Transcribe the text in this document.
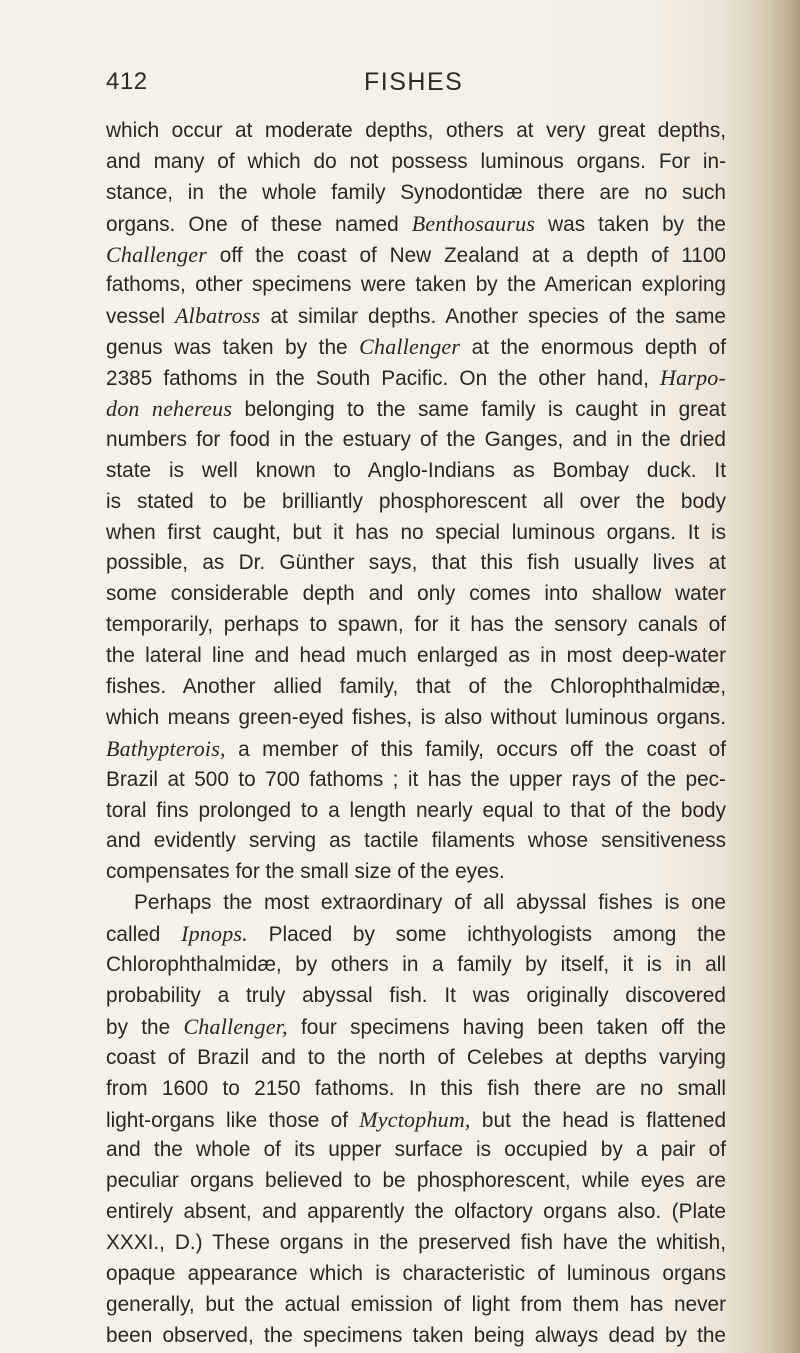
412	FISHES
which occur at moderate depths, others at very great depths,
and many of which do not possess luminous organs. For in-
stance, in the whole family Synodontidæ there are no such
organs. One of these named Benthosaurus was taken by the
Challenger off the coast of New Zealand at a depth of 1100
fathoms, other specimens were taken by the American exploring
vessel Albatross at similar depths. Another species of the same
genus was taken by the Challenger at the enormous depth of
2385 fathoms in the South Pacific. On the other hand, Harpo-
don nehereus belonging to the same family is caught in great
numbers for food in the estuary of the Ganges, and in the dried
state is well known to Anglo-Indians as Bombay duck. It
is stated to be brilliantly phosphorescent all over the body
when first caught, but it has no special luminous organs. It is
possible, as Dr. Günther says, that this fish usually lives at
some considerable depth and only comes into shallow water
temporarily, perhaps to spawn, for it has the sensory canals of
the lateral line and head much enlarged as in most deep-water
fishes. Another allied family, that of the Chlorophthalmidæ,
which means green-eyed fishes, is also without luminous organs.
Bathypterois, a member of this family, occurs off the coast of
Brazil at 500 to 700 fathoms ; it has the upper rays of the pec-
toral fins prolonged to a length nearly equal to that of the body
and evidently serving as tactile filaments whose sensitiveness
compensates for the small size of the eyes.
Perhaps the most extraordinary of all abyssal fishes is one
called Ipnops. Placed by some ichthyologists among the
Chlorophthalmidæ, by others in a family by itself, it is in all
probability a truly abyssal fish. It was originally discovered
by the Challenger, four specimens having been taken off the
coast of Brazil and to the north of Celebes at depths varying
from 1600 to 2150 fathoms. In this fish there are no small
light-organs like those of Myctophum, but the head is flattened
and the whole of its upper surface is occupied by a pair of
peculiar organs believed to be phosphorescent, while eyes are
entirely absent, and apparently the olfactory organs also. (Plate
XXXI., D.) These organs in the preserved fish have the whitish,
opaque appearance which is characteristic of luminous organs
generally, but the actual emission of light from them has never
been observed, the specimens taken being always dead by the
